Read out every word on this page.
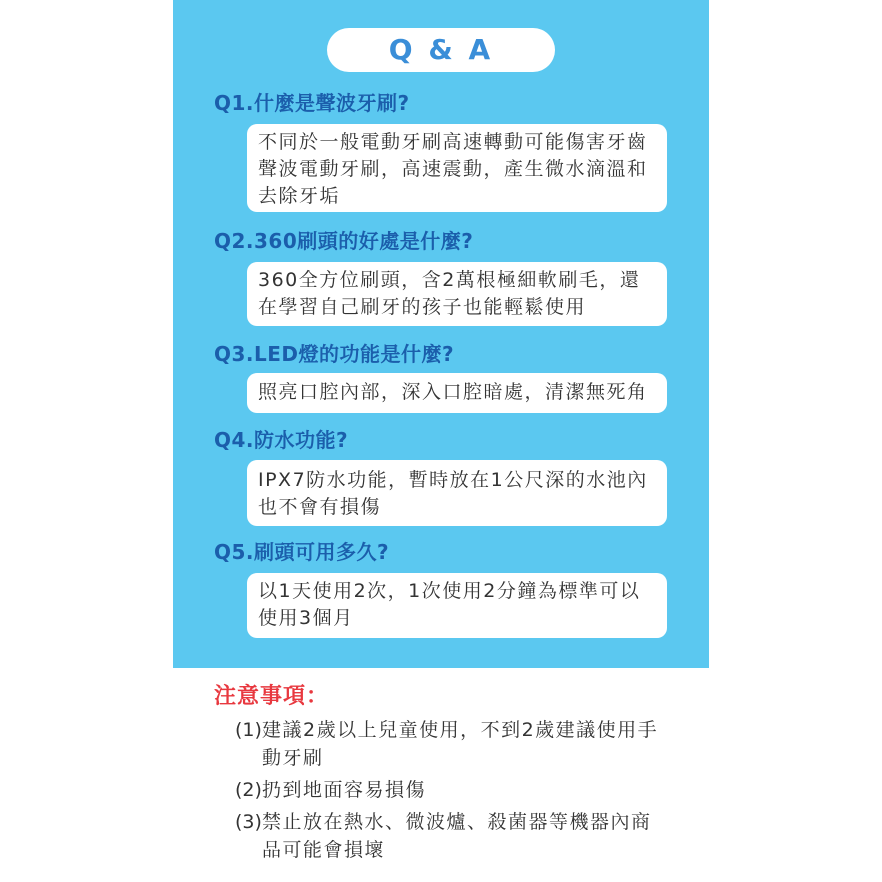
Q & A
Q1.什麼是聲波牙刷?
不同於一般電動牙刷高速轉動可能傷害牙齒
聲波電動牙刷，高速震動，產生微水滴溫和
去除牙垢
Q2.360刷頭的好處是什麼?
360全方位刷頭，含2萬根極細軟刷毛，還
在學習自己刷牙的孩子也能輕鬆使用
Q3.LED燈的功能是什麼?
照亮口腔內部，深入口腔暗處，清潔無死角
Q4.防水功能?
IPX7防水功能，暫時放在1公尺深的水池內
也不會有損傷
Q5.刷頭可用多久?
以1天使用2次，1次使用2分鐘為標準可以
使用3個月
注意事項：
(1) 建議2歲以上兒童使用，不到2歲建議使用手
動牙刷
(2) 扔到地面容易損傷
(3) 禁止放在熱水、微波爐、殺菌器等機器內商
品可能會損壞
